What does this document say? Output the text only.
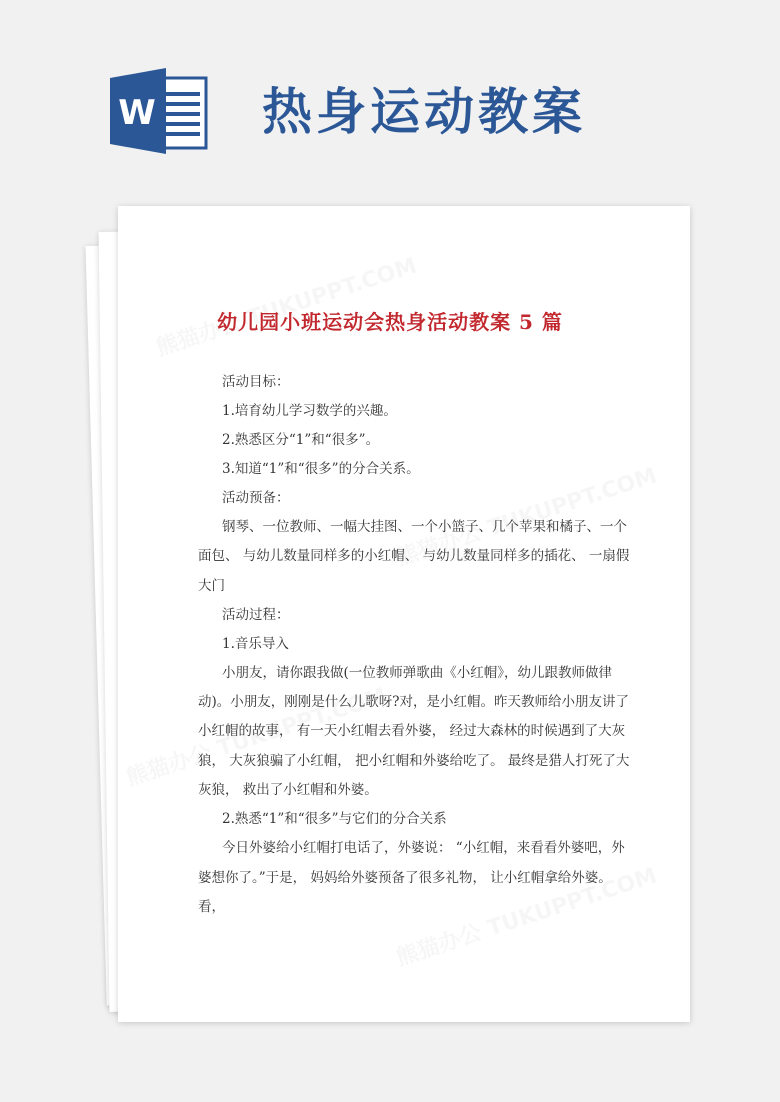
W 热身运动教案
幼儿园小班运动会热身活动教案 5 篇

活动目标：

1.培育幼儿学习数学的兴趣。

2.熟悉区分“1”和“很多”。

3.知道“1”和“很多”的分合关系。

活动预备：

钢琴、一位教师、一幅大挂图、一个小篮子、几个苹果和橘子、一个面包、 与幼儿数量同样多的小红帽、 与幼儿数量同样多的插花、 一扇假大门

活动过程：

1.音乐导入

小朋友，请你跟我做(一位教师弹歌曲《小红帽》，幼儿跟教师做律动)。小朋友，刚刚是什么儿歌呀?对，是小红帽。昨天教师给小朋友讲了小红帽的故事， 有一天小红帽去看外婆， 经过大森林的时候遇到了大灰狼， 大灰狼骗了小红帽， 把小红帽和外婆给吃了。 最终是猎人打死了大灰狼， 救出了小红帽和外婆。

2.熟悉“1”和“很多”与它们的分合关系

今日外婆给小红帽打电话了，外婆说： “小红帽，来看看外婆吧，外婆想你了。”于是， 妈妈给外婆预备了很多礼物， 让小红帽拿给外婆。 看，
